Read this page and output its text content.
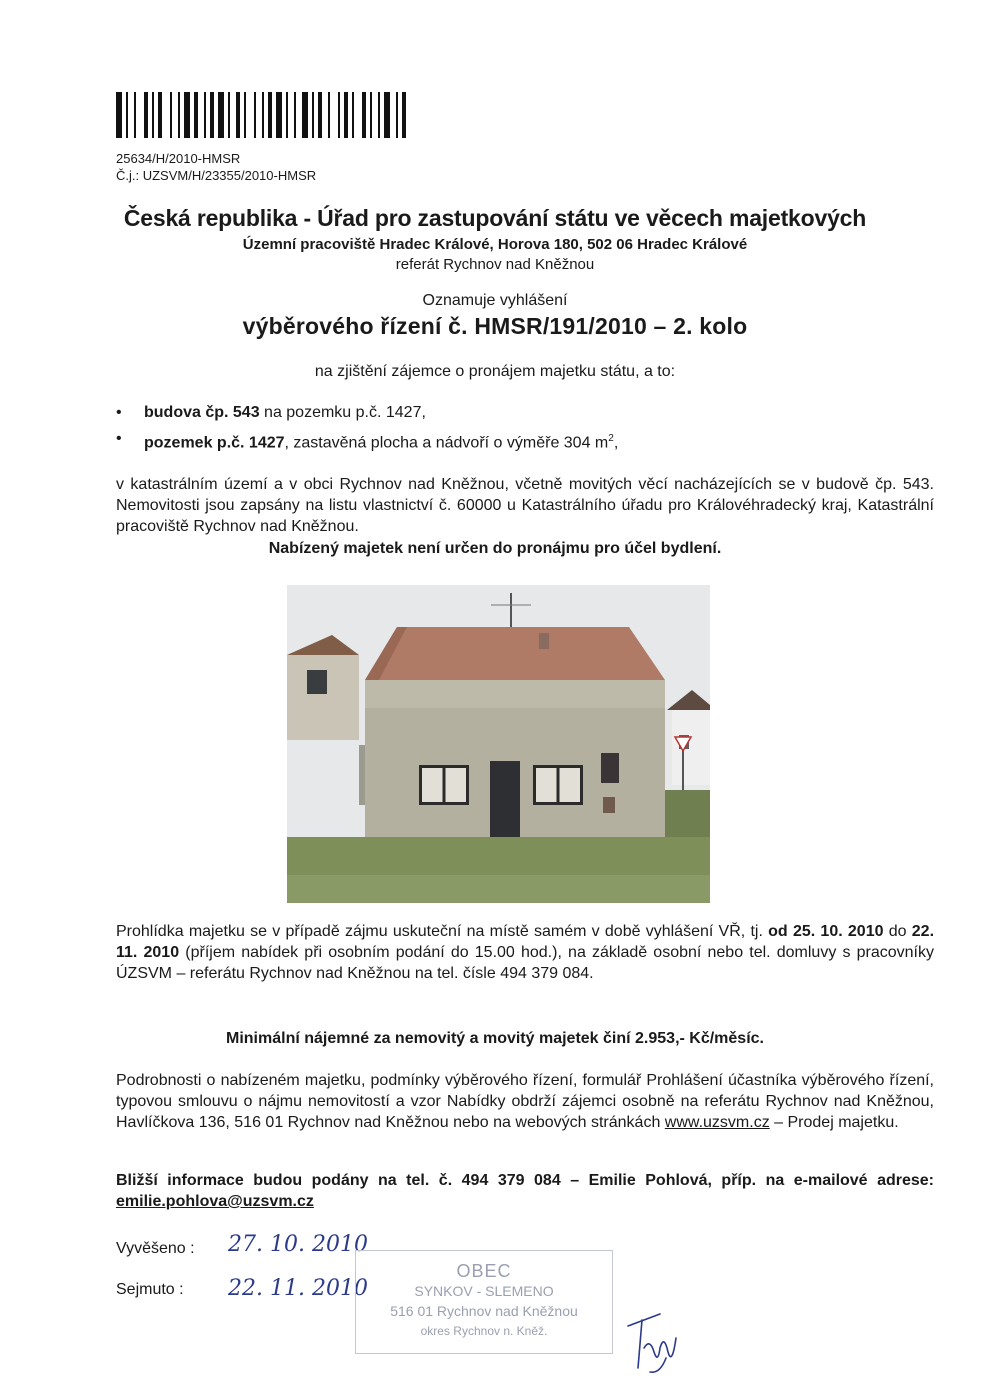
25634/H/2010-HMSR
Č.j.: UZSVM/H/23355/2010-HMSR
Česká republika - Úřad pro zastupování státu ve věcech majetkových
Územní pracoviště Hradec Králové, Horova 180, 502 06 Hradec Králové
referát Rychnov nad Kněžnou
Oznamuje vyhlášení
výběrového řízení č. HMSR/191/2010 – 2. kolo
na zjištění zájemce o pronájem majetku státu, a to:
• budova čp. 543 na pozemku p.č. 1427,
• pozemek p.č. 1427, zastavěná plocha a nádvoří o výměře 304 $m^2$,
v katastrálním území a v obci Rychnov nad Kněžnou, včetně movitých věcí nacházejících se v budově čp. 543. Nemovitosti jsou zapsány na listu vlastnictví č. 60000 u Katastrálního úřadu pro Královéhradecký kraj, Katastrální pracoviště Rychnov nad Kněžnou.
Nabízený majetek není určen do pronájmu pro účel bydlení.
Prohlídka majetku se v případě zájmu uskuteční na místě samém v době vyhlášení VŘ, tj. od 25. 10. 2010 do 22. 11. 2010 (příjem nabídek při osobním podání do 15.00 hod.), na základě osobní nebo tel. domluvy s pracovníky ÚZSVM – referátu Rychnov nad Kněžnou na tel. čísle 494 379 084.
Minimální nájemné za nemovitý a movitý majetek činí 2.953,- Kč/měsíc.
Podrobnosti o nabízeném majetku, podmínky výběrového řízení, formulář Prohlášení účastníka výběrového řízení, typovou smlouvu o nájmu nemovitostí a vzor Nabídky obdrží zájemci osobně na referátu Rychnov nad Kněžnou, Havlíčkova 136, 516 01 Rychnov nad Kněžnou nebo na webových stránkách www.uzsvm.cz – Prodej majetku.
Bližší informace budou podány na tel. č. 494 379 084 – Emilie Pohlová, příp. na e-mailové adrese: emilie.pohlova@uzsvm.cz
Vyvěšeno : 27. 10. 2010
Sejmuto : 22. 11. 2010
OBEC
SYNKOV - SLEMENO
516 01 Rychnov nad Kněžnou
okres Rychnov n. Kněž.
